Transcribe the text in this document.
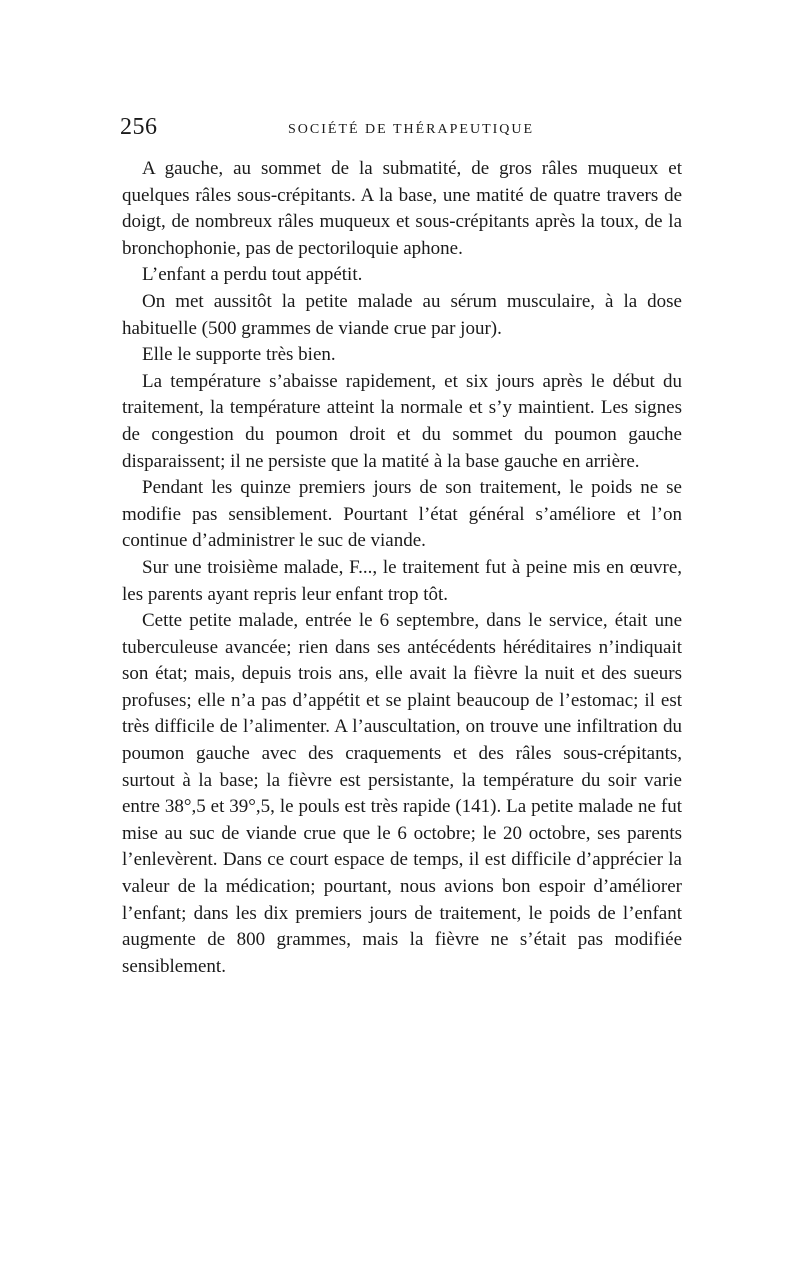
256	SOCIÉTÉ DE THÉRAPEUTIQUE

A gauche, au sommet de la submatité, de gros râles muqueux et quelques râles sous-crépitants. A la base, une matité de quatre travers de doigt, de nombreux râles muqueux et sous-crépitants après la toux, de la bronchophonie, pas de pectoriloquie aphone.

L’enfant a perdu tout appétit.

On met aussitôt la petite malade au sérum musculaire, à la dose habituelle (500 grammes de viande crue par jour).

Elle le supporte très bien.

La température s’abaisse rapidement, et six jours après le début du traitement, la température atteint la normale et s’y maintient. Les signes de congestion du poumon droit et du sommet du poumon gauche disparaissent; il ne persiste que la matité à la base gauche en arrière.

Pendant les quinze premiers jours de son traitement, le poids ne se modifie pas sensiblement. Pourtant l’état général s’améliore et l’on continue d’administrer le suc de viande.

Sur une troisième malade, F..., le traitement fut à peine mis en œuvre, les parents ayant repris leur enfant trop tôt.

Cette petite malade, entrée le 6 septembre, dans le service, était une tuberculeuse avancée; rien dans ses antécédents héréditaires n’indiquait son état; mais, depuis trois ans, elle avait la fièvre la nuit et des sueurs profuses; elle n’a pas d’appétit et se plaint beaucoup de l’estomac; il est très difficile de l’alimenter. A l’auscultation, on trouve une infiltration du poumon gauche avec des craquements et des râles sous-crépitants, surtout à la base; la fièvre est persistante, la température du soir varie entre 38°,5 et 39°,5, le pouls est très rapide (141). La petite malade ne fut mise au suc de viande crue que le 6 octobre; le 20 octobre, ses parents l’enlevèrent. Dans ce court espace de temps, il est difficile d’apprécier la valeur de la médication; pourtant, nous avions bon espoir d’améliorer l’enfant; dans les dix premiers jours de traitement, le poids de l’enfant augmente de 800 grammes, mais la fièvre ne s’était pas modifiée sensiblement.
